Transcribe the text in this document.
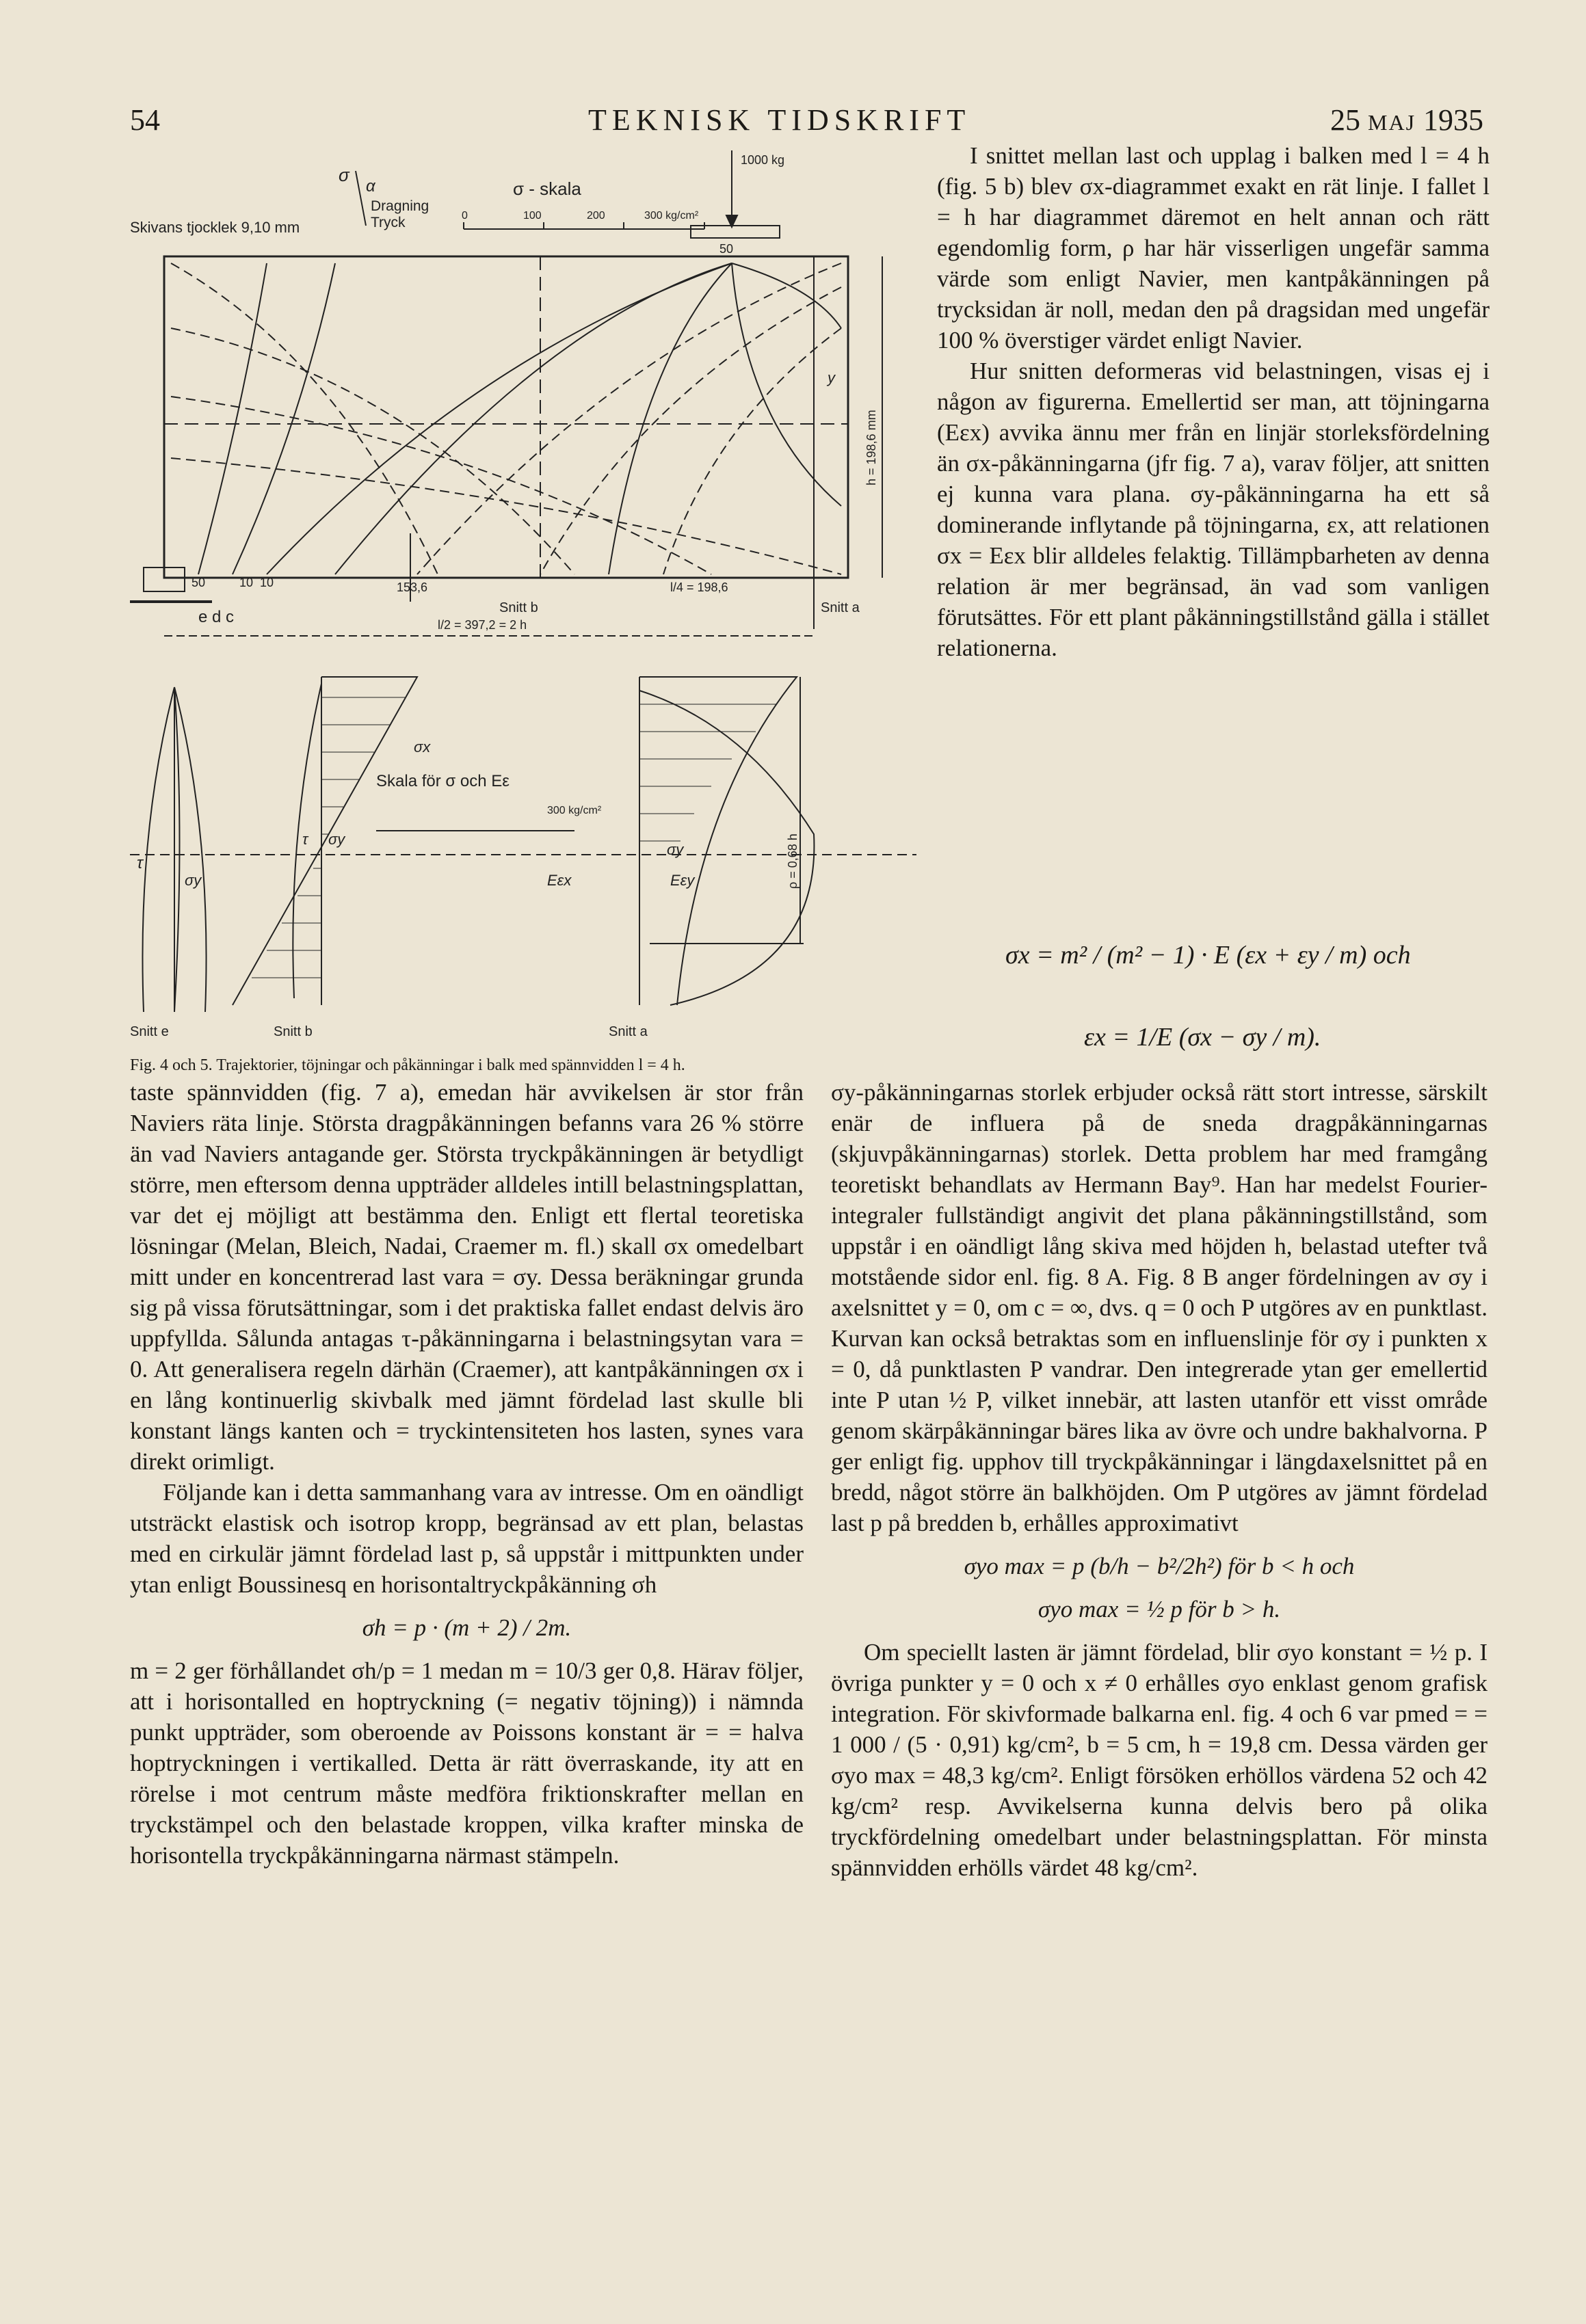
54	TEKNISK TIDSKRIFT	25 MAJ 1935
Skivans tjocklek 9,10 mm
σ
α
Dragning
Tryck
σ - skala
0	100	200	300 kg/cm²
1000 kg
50
h = 198,6 mm
y
10 10
50	153,6	l/4 = 198,6
l/2 = 397,2 = 2 h
e d c	Snitt b	Snitt a
τ
σy
σx
Skala för σ och Eε
300 kg/cm²
τ σy
Eεx	Eεy
σy	ρ = 0,68 h
Snitt e	Snitt b	Snitt a
Fig. 4 och 5. Trajektorier, töjningar och påkänningar i balk med spännvidden l = 4 h.

I snittet mellan last och upplag i balken med l = 4 h (fig. 5 b) blev σx-diagrammet exakt en rät linje. I fallet l = h har diagrammet däremot en helt annan och rätt egendomlig form, ρ har här visserligen ungefär samma värde som enligt Navier, men kantpåkänningen på trycksidan är noll, medan den på dragsidan med ungefär 100 % överstiger värdet enligt Navier.

Hur snitten deformeras vid belastningen, visas ej i någon av figurerna. Emellertid ser man, att töjningarna (Eεx) avvika ännu mer från en linjär storleksfördelning än σx-påkänningarna (jfr fig. 7 a), varav följer, att snitten ej kunna vara plana. σy-påkänningarna ha ett så dominerande inflytande på töjningarna, εx, att relationen σx = Eεx blir alldeles felaktig. Tillämpbarheten av denna relation är mer begränsad, än vad som vanligen förutsättes. För ett plant påkänningstillstånd gälla i stället relationerna.

σx = m² / (m² − 1) · E (εx + εy / m) och
εx = 1/E (σx − σy / m).

taste spännvidden (fig. 7 a), emedan här avvikelsen är stor från Naviers räta linje. Största dragpåkänningen befanns vara 26 % större än vad Naviers antagande ger. Största tryckpåkänningen är betydligt större, men eftersom denna uppträder alldeles intill belastningsplattan, var det ej möjligt att bestämma den. Enligt ett flertal teoretiska lösningar (Melan, Bleich, Nadai, Craemer m. fl.) skall σx omedelbart mitt under en koncentrerad last vara = σy. Dessa beräkningar grunda sig på vissa förutsättningar, som i det praktiska fallet endast delvis äro uppfyllda. Sålunda antagas τ-påkänningarna i belastningsytan vara = 0. Att generalisera regeln därhän (Craemer), att kantpåkänningen σx i en lång kontinuerlig skivbalk med jämnt fördelad last skulle bli konstant längs kanten och = tryckintensiteten hos lasten, synes vara direkt orimligt.

Följande kan i detta sammanhang vara av intresse. Om en oändligt utsträckt elastisk och isotrop kropp, begränsad av ett plan, belastas med en cirkulär jämnt fördelad last p, så uppstår i mittpunkten under ytan enligt Boussinesq en horisontaltryckpåkänning σh

σh = p · (m + 2) / 2m.

m = 2 ger förhållandet σh/p = 1 medan m = 10/3 ger 0,8. Härav följer, att i horisontalled en hoptryckning (= negativ töjning)) i nämnda punkt uppträder, som oberoende av Poissons konstant är = = halva hoptryckningen i vertikalled. Detta är rätt överraskande, ity att en rörelse i mot centrum måste medföra friktionskrafter mellan en tryckstämpel och den belastade kroppen, vilka krafter minska de horisontella tryckpåkänningarna närmast stämpeln.

σy-påkänningarnas storlek erbjuder också rätt stort intresse, särskilt enär de influera på de sneda dragpåkänningarnas (skjuvpåkänningarnas) storlek. Detta problem har med framgång teoretiskt behandlats av Hermann Bay⁹. Han har medelst Fourier-integraler fullständigt angivit det plana påkänningstillstånd, som uppstår i en oändligt lång skiva med höjden h, belastad utefter två motstående sidor enl. fig. 8 A. Fig. 8 B anger fördelningen av σy i axelsnittet y = 0, om c = ∞, dvs. q = 0 och P utgöres av en punktlast. Kurvan kan också betraktas som en influenslinje för σy i punkten x = 0, då punktlasten P vandrar. Den integrerade ytan ger emellertid inte P utan ½ P, vilket innebär, att lasten utanför ett visst område genom skärpåkänningar bäres lika av övre och undre bakhalvorna. P ger enligt fig. upphov till tryckpåkänningar i längdaxelsnittet på en bredd, något större än balkhöjden. Om P utgöres av jämnt fördelad last p på bredden b, erhålles approximativt

σyo max = p (b/h − b²/2h²) för b < h och

σyo max = ½ p för b > h.

Om speciellt lasten är jämnt fördelad, blir σyo konstant = ½ p. I övriga punkter y = 0 och x ≠ 0 erhålles σyo enklast genom grafisk integration. För skivformade balkarna enl. fig. 4 och 6 var pmed = = 1 000 / (5 · 0,91) kg/cm², b = 5 cm, h = 19,8 cm. Dessa värden ger σyo max = 48,3 kg/cm². Enligt försöken erhöllos värdena 52 och 42 kg/cm² resp. Avvikelserna kunna delvis bero på olika tryckfördelning omedelbart under belastningsplattan. För minsta spännvidden erhölls värdet 48 kg/cm².
